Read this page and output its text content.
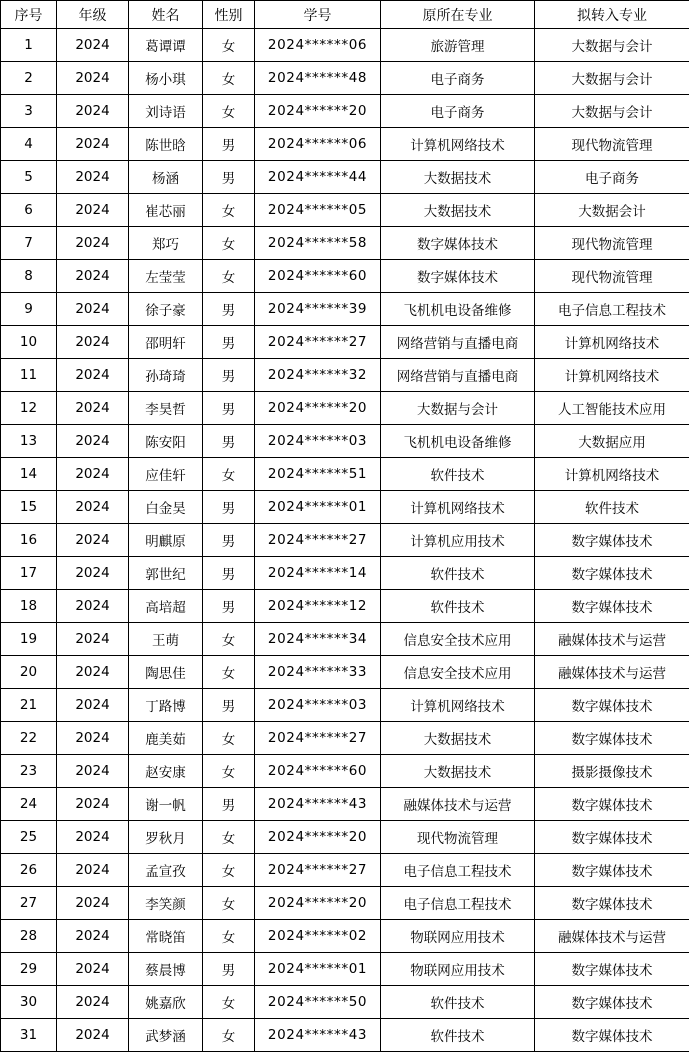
序号	年级	姓名	性别	学号	原所在专业	拟转入专业
1	2024	葛谭谭	女	2024******06	旅游管理	大数据与会计
2	2024	杨小琪	女	2024******48	电子商务	大数据与会计
3	2024	刘诗语	女	2024******20	电子商务	大数据与会计
4	2024	陈世晗	男	2024******06	计算机网络技术	现代物流管理
5	2024	杨涵	男	2024******44	大数据技术	电子商务
6	2024	崔芯丽	女	2024******05	大数据技术	大数据会计
7	2024	郑巧	女	2024******58	数字媒体技术	现代物流管理
8	2024	左莹莹	女	2024******60	数字媒体技术	现代物流管理
9	2024	徐子豪	男	2024******39	飞机机电设备维修	电子信息工程技术
10	2024	邵明轩	男	2024******27	网络营销与直播电商	计算机网络技术
11	2024	孙琦琦	男	2024******32	网络营销与直播电商	计算机网络技术
12	2024	李昊哲	男	2024******20	大数据与会计	人工智能技术应用
13	2024	陈安阳	男	2024******03	飞机机电设备维修	大数据应用
14	2024	应佳轩	女	2024******51	软件技术	计算机网络技术
15	2024	白金昊	男	2024******01	计算机网络技术	软件技术
16	2024	明麒原	男	2024******27	计算机应用技术	数字媒体技术
17	2024	郭世纪	男	2024******14	软件技术	数字媒体技术
18	2024	高培超	男	2024******12	软件技术	数字媒体技术
19	2024	王萌	女	2024******34	信息安全技术应用	融媒体技术与运营
20	2024	陶思佳	女	2024******33	信息安全技术应用	融媒体技术与运营
21	2024	丁路博	男	2024******03	计算机网络技术	数字媒体技术
22	2024	鹿美茹	女	2024******27	大数据技术	数字媒体技术
23	2024	赵安康	女	2024******60	大数据技术	摄影摄像技术
24	2024	谢一帆	男	2024******43	融媒体技术与运营	数字媒体技术
25	2024	罗秋月	女	2024******20	现代物流管理	数字媒体技术
26	2024	孟宣孜	女	2024******27	电子信息工程技术	数字媒体技术
27	2024	李笑颜	女	2024******20	电子信息工程技术	数字媒体技术
28	2024	常晓笛	女	2024******02	物联网应用技术	融媒体技术与运营
29	2024	蔡晨博	男	2024******01	物联网应用技术	数字媒体技术
30	2024	姚嘉欣	女	2024******50	软件技术	数字媒体技术
31	2024	武梦涵	女	2024******43	软件技术	数字媒体技术
